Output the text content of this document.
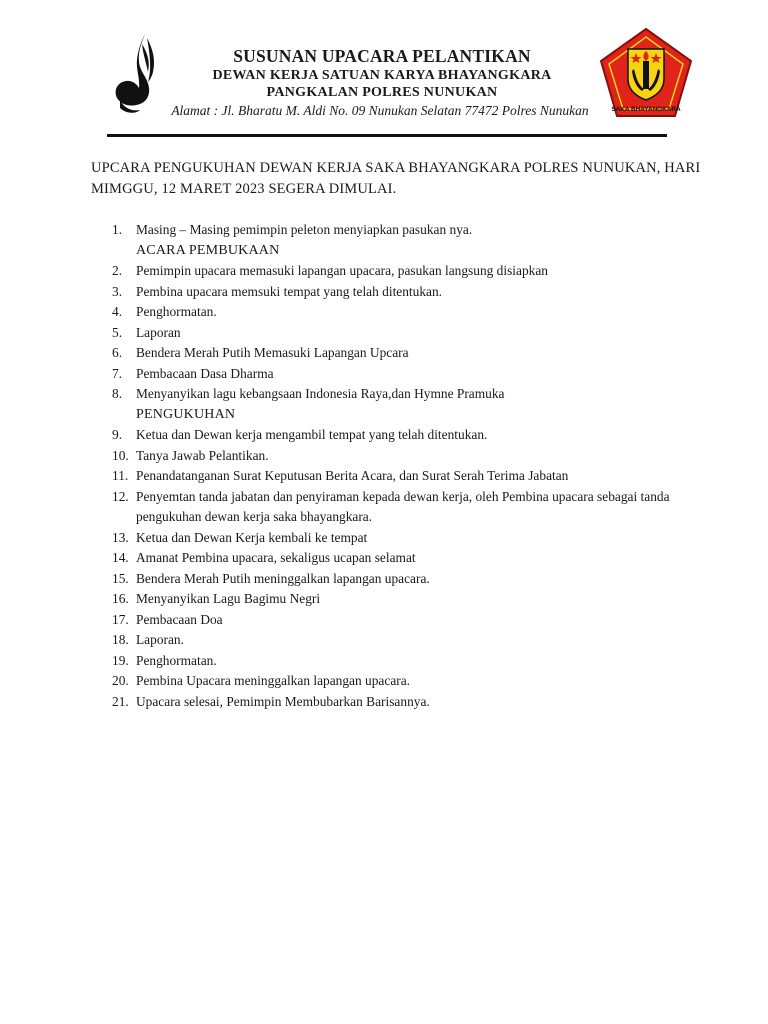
SUSUNAN UPACARA PELANTIKAN
DEWAN KERJA SATUAN KARYA BHAYANGKARA
PANGKALAN POLRES NUNUKAN
Alamat : Jl. Bharatu M. Aldi No. 09 Nunukan Selatan 77472 Polres Nunukan	SAKA BHAYANGKARA
UPCARA PENGUKUHAN DEWAN KERJA SAKA BHAYANGKARA POLRES NUNUKAN, HARI MIMGGU, 12 MARET 2023 SEGERA DIMULAI.
1. Masing – Masing pemimpin peleton menyiapkan pasukan nya.
ACARA PEMBUKAAN
2. Pemimpin upacara memasuki lapangan upacara, pasukan langsung disiapkan
3. Pembina upacara memsuki tempat yang telah ditentukan.
4. Penghormatan.
5. Laporan
6. Bendera Merah Putih Memasuki Lapangan Upcara
7. Pembacaan Dasa Dharma
8. Menyanyikan lagu kebangsaan Indonesia Raya,dan Hymne Pramuka
PENGUKUHAN
9. Ketua dan Dewan kerja mengambil tempat yang telah ditentukan.
10. Tanya Jawab Pelantikan.
11. Penandatanganan Surat Keputusan Berita Acara, dan Surat Serah Terima Jabatan
12. Penyemtan tanda jabatan dan penyiraman kepada dewan kerja, oleh Pembina upacara sebagai tanda pengukuhan dewan kerja saka bhayangkara.
13. Ketua dan Dewan Kerja kembali ke tempat
14. Amanat Pembina upacara, sekaligus ucapan selamat
15. Bendera Merah Putih meninggalkan lapangan upacara.
16. Menyanyikan Lagu Bagimu Negri
17. Pembacaan Doa
18. Laporan.
19. Penghormatan.
20. Pembina Upacara meninggalkan lapangan upacara.
21. Upacara selesai, Pemimpin Membubarkan Barisannya.
